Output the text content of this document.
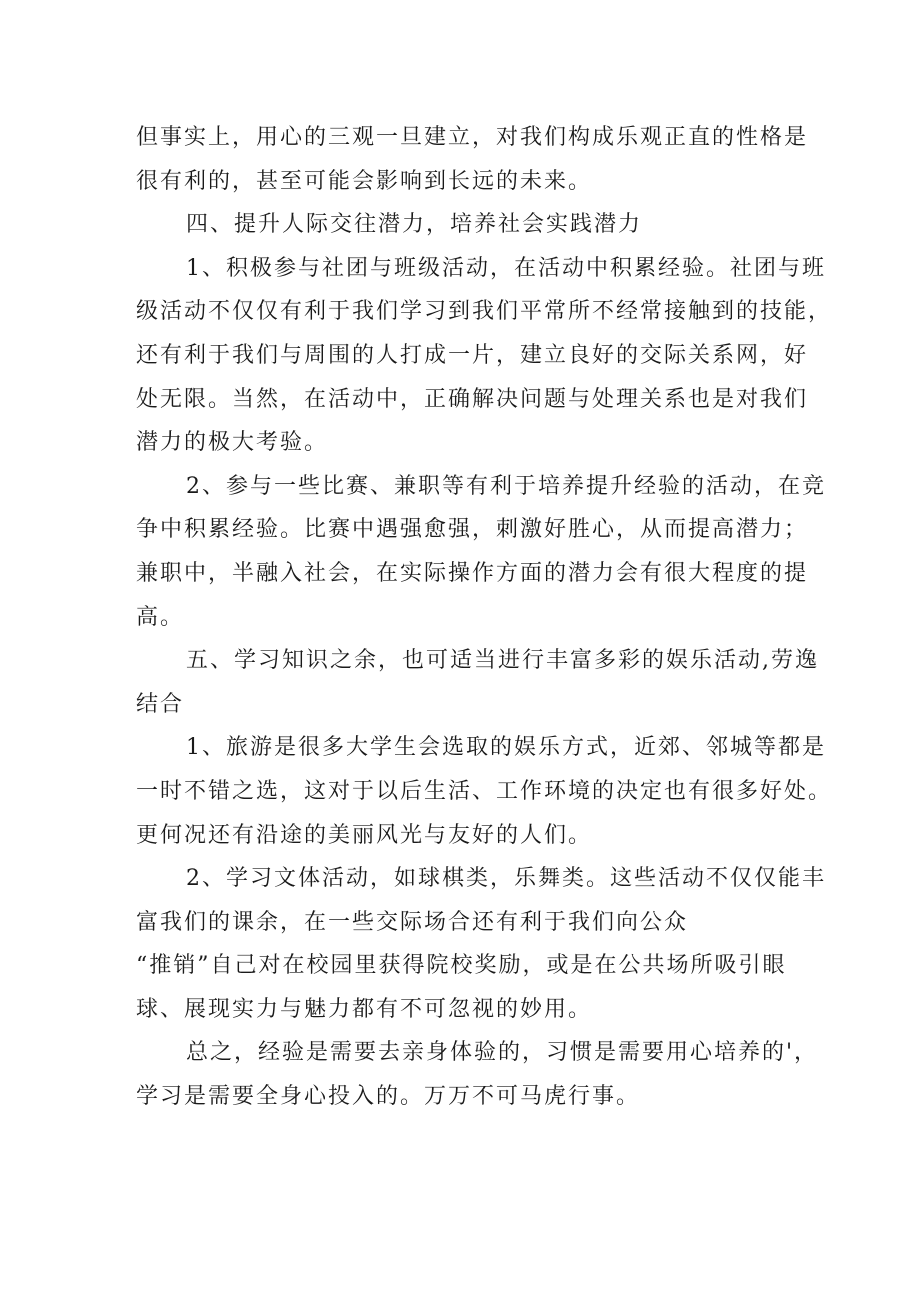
但事实上，用心的三观一旦建立，对我们构成乐观正直的性格是
很有利的，甚至可能会影响到长远的未来。
四、提升人际交往潜力，培养社会实践潜力
1、积极参与社团与班级活动，在活动中积累经验。社团与班
级活动不仅仅有利于我们学习到我们平常所不经常接触到的技能，
还有利于我们与周围的人打成一片，建立良好的交际关系网，好
处无限。当然，在活动中，正确解决问题与处理关系也是对我们
潜力的极大考验。
2、参与一些比赛、兼职等有利于培养提升经验的活动，在竞
争中积累经验。比赛中遇强愈强，刺激好胜心，从而提高潜力；
兼职中，半融入社会，在实际操作方面的潜力会有很大程度的提
高。
五、学习知识之余，也可适当进行丰富多彩的娱乐活动,劳逸
结合
1、旅游是很多大学生会选取的娱乐方式，近郊、邻城等都是
一时不错之选，这对于以后生活、工作环境的决定也有很多好处。
更何况还有沿途的美丽风光与友好的人们。
2、学习文体活动，如球棋类，乐舞类。这些活动不仅仅能丰
富我们的课余，在一些交际场合还有利于我们向公众
“推销”自己对在校园里获得院校奖励，或是在公共场所吸引眼
球、展现实力与魅力都有不可忽视的妙用。
总之，经验是需要去亲身体验的，习惯是需要用心培养的'，
学习是需要全身心投入的。万万不可马虎行事。
